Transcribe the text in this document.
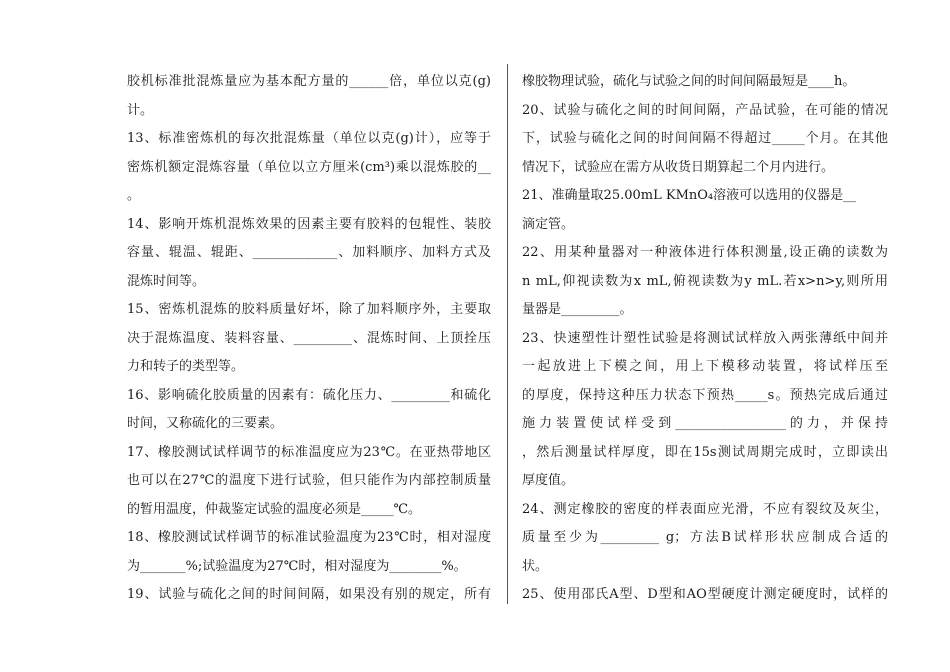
胶机标准批混炼量应为基本配方量的______倍，单位以克(g)
计。
13、标准密炼机的每次批混炼量（单位以克(g)计），应等于
密炼机额定混炼容量（单位以立方厘米(cm³)乘以混炼胶的__
。
14、影响开炼机混炼效果的因素主要有胶料的包辊性、装胶
容量、辊温、辊距、_____________、加料顺序、加料方式及
混炼时间等。
15、密炼机混炼的胶料质量好坏，除了加料顺序外，主要取
决于混炼温度、装料容量、_________、混炼时间、上顶拴压
力和转子的类型等。
16、影响硫化胶质量的因素有：硫化压力、_________和硫化
时间，又称硫化的三要素。
17、橡胶测试试样调节的标准温度应为23℃。在亚热带地区
也可以在27℃的温度下进行试验，但只能作为内部控制质量
的暂用温度，仲裁鉴定试验的温度必须是_____℃。
18、橡胶测试试样调节的标准试验温度为23℃时，相对湿度
为_______%;试验温度为27℃时，相对湿度为________%。
19、试验与硫化之间的时间间隔，如果没有别的规定，所有
橡胶物理试验，硫化与试验之间的时间间隔最短是____h。
20、试验与硫化之间的时间间隔，产品试验，在可能的情况
下，试验与硫化之间的时间间隔不得超过_____个月。在其他
情况下，试验应在需方从收货日期算起二个月内进行。
21、准确量取25.00mL KMnO₄溶液可以选用的仪器是__
滴定管。
22、用某种量器对一种液体进行体积测量,设正确的读数为
n mL,仰视读数为x mL,俯视读数为y mL.若x>n>y,则所用
量器是_________。
23、快速塑性计塑性试验是将测试试样放入两张薄纸中间并
一起放进上下模之间，用上下模移动装置，将试样压至
的厚度，保持这种压力状态下预热_____s。预热完成后通过
施力装置使试样受到_________________的力，并保持
，然后测量试样厚度，即在15s测试周期完成时，立即读出
厚度值。
24、测定橡胶的密度的样表面应光滑，不应有裂纹及灰尘，
质量至少为_________ g；方法B试样形状应制成合适的
状。
25、使用邵氏A型、D型和AO型硬度计测定硬度时，试样的
